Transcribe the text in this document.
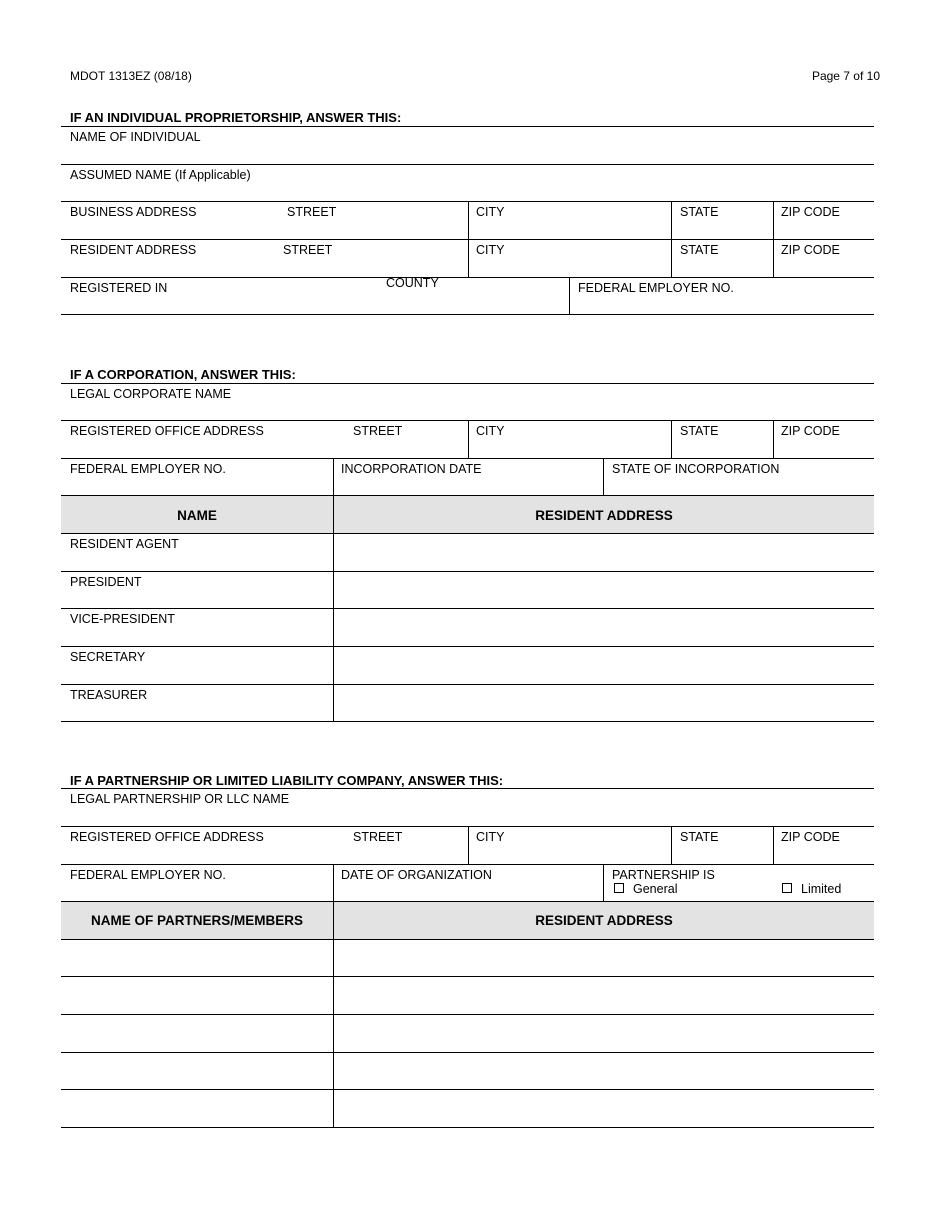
MDOT 1313EZ (08/18)	Page 7 of 10
IF AN INDIVIDUAL PROPRIETORSHIP, ANSWER THIS:
NAME OF INDIVIDUAL
ASSUMED NAME (If Applicable)
BUSINESS ADDRESS	STREET	CITY	STATE	ZIP CODE
RESIDENT ADDRESS	STREET	CITY	STATE	ZIP CODE
REGISTERED IN	COUNTY	FEDERAL EMPLOYER NO.
IF A CORPORATION, ANSWER THIS:
LEGAL CORPORATE NAME
REGISTERED OFFICE ADDRESS	STREET	CITY	STATE	ZIP CODE
FEDERAL EMPLOYER NO.	INCORPORATION DATE	STATE OF INCORPORATION
NAME	RESIDENT ADDRESS
RESIDENT AGENT
PRESIDENT
VICE-PRESIDENT
SECRETARY
TREASURER
IF A PARTNERSHIP OR LIMITED LIABILITY COMPANY, ANSWER THIS:
LEGAL PARTNERSHIP OR LLC NAME
REGISTERED OFFICE ADDRESS	STREET	CITY	STATE	ZIP CODE
FEDERAL EMPLOYER NO.	DATE OF ORGANIZATION	PARTNERSHIP IS
General	Limited
NAME OF PARTNERS/MEMBERS	RESIDENT ADDRESS
